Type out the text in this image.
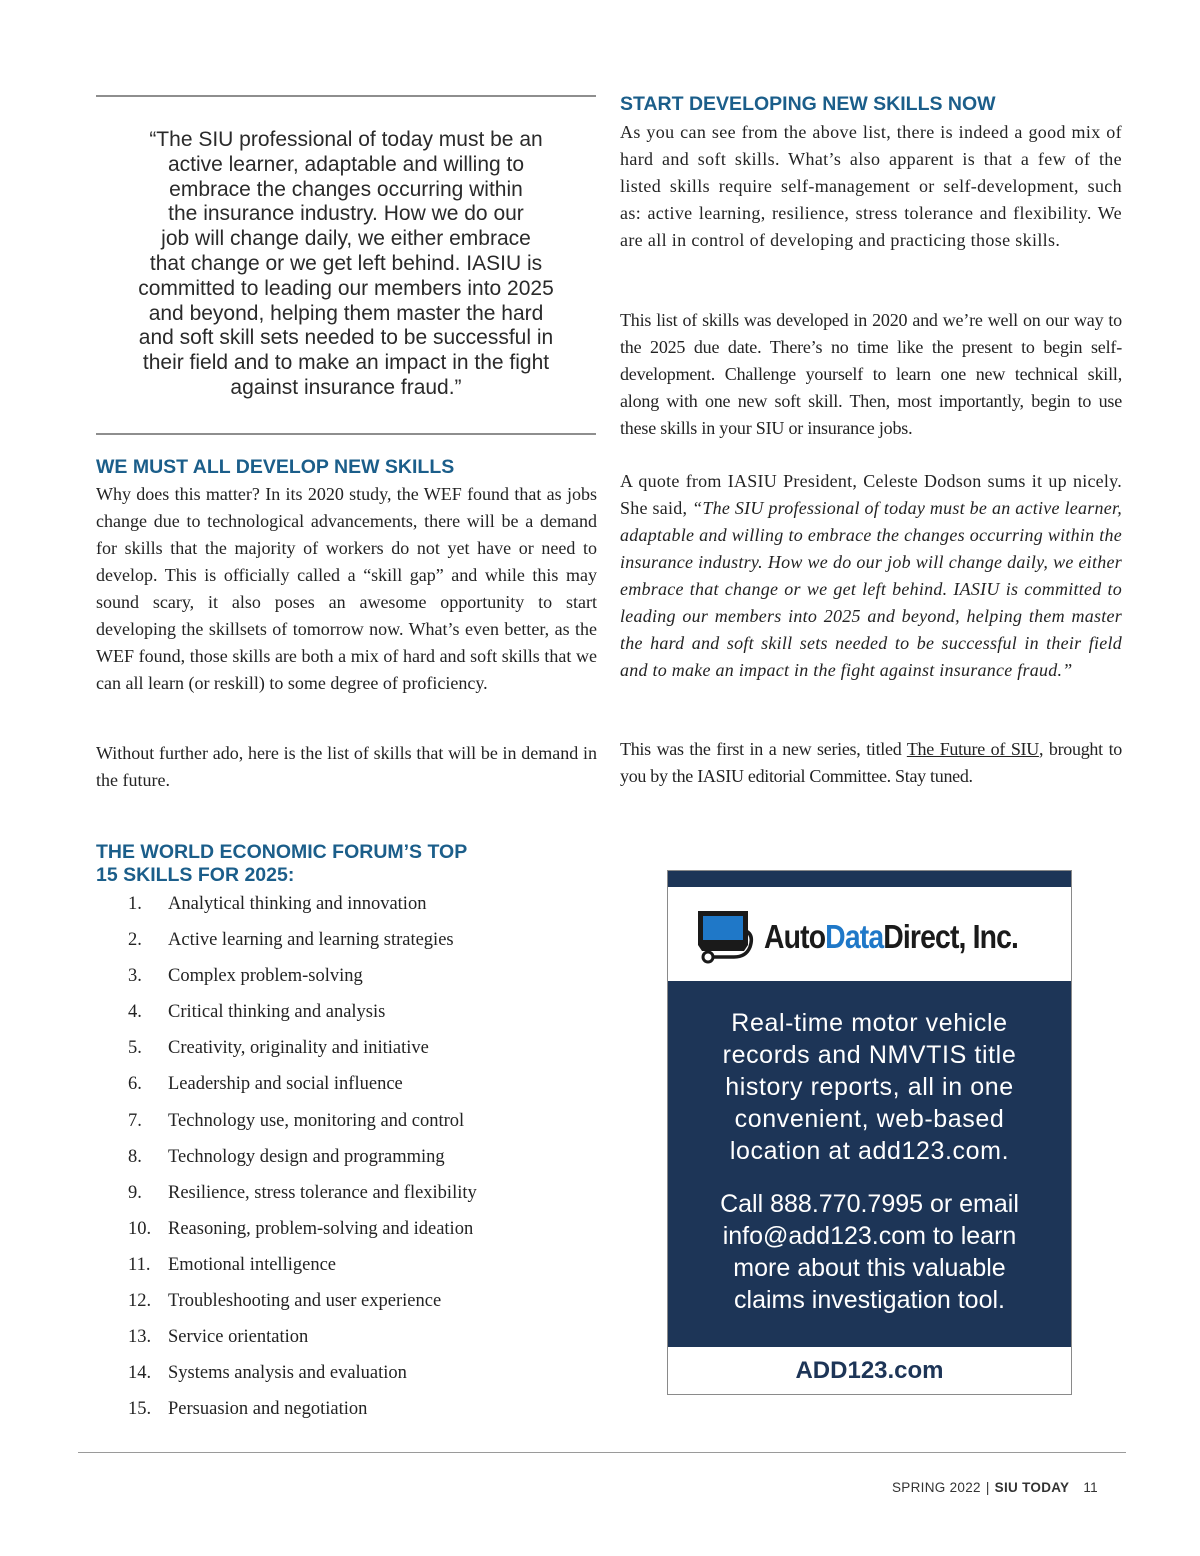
“The SIU professional of today must be an
active learner, adaptable and willing to
embrace the changes occurring within
the insurance industry. How we do our
job will change daily, we either embrace
that change or we get left behind. IASIU is
committed to leading our members into 2025
and beyond, helping them master the hard
and soft skill sets needed to be successful in
their field and to make an impact in the fight
against insurance fraud.”
WE MUST ALL DEVELOP NEW SKILLS

Why does this matter? In its 2020 study, the WEF found that as jobs change due to technological advancements, there will be a demand for skills that the majority of workers do not yet have or need to develop. This is officially called a “skill gap” and while this may sound scary, it also poses an awesome opportunity to start developing the skillsets of tomorrow now. What’s even better, as the WEF found, those skills are both a mix of hard and soft skills that we can all learn (or reskill) to some degree of proficiency.

Without further ado, here is the list of skills that will be in demand in the future.

THE WORLD ECONOMIC FORUM’S TOP
15 SKILLS FOR 2025:
1.	Analytical thinking and innovation
2.	Active learning and learning strategies
3.	Complex problem-solving
4.	Critical thinking and analysis
5.	Creativity, originality and initiative
6.	Leadership and social influence
7.	Technology use, monitoring and control
8.	Technology design and programming
9.	Resilience, stress tolerance and flexibility
10. Reasoning, problem-solving and ideation
11. Emotional intelligence
12. Troubleshooting and user experience
13. Service orientation
14. Systems analysis and evaluation
15. Persuasion and negotiation
START DEVELOPING NEW SKILLS NOW

As you can see from the above list, there is indeed a good mix of hard and soft skills. What’s also apparent is that a few of the listed skills require self-management or self-development, such as: active learning, resilience, stress tolerance and flexibility. We are all in control of developing and practicing those skills.

This list of skills was developed in 2020 and we’re well on our way to the 2025 due date. There’s no time like the present to begin self-development. Challenge yourself to learn one new technical skill, along with one new soft skill. Then, most importantly, begin to use these skills in your SIU or insurance jobs.

A quote from IASIU President, Celeste Dodson sums it up nicely. She said, “The SIU professional of today must be an active learner, adaptable and willing to embrace the changes occurring within the insurance industry. How we do our job will change daily, we either embrace that change or we get left behind. IASIU is committed to leading our members into 2025 and beyond, helping them master the hard and soft skill sets needed to be successful in their field and to make an impact in the fight against insurance fraud.”

This was the first in a new series, titled The Future of SIU, brought to you by the IASIU editorial Committee. Stay tuned.

AutoDataDirect, Inc.
Real-time motor vehicle records and NMVTIS title history reports, all in one convenient, web-based location at add123.com.
Call 888.770.7995 or email info@add123.com to learn more about this valuable claims investigation tool.
ADD123.com
SPRING 2022 | SIU TODAY 11
